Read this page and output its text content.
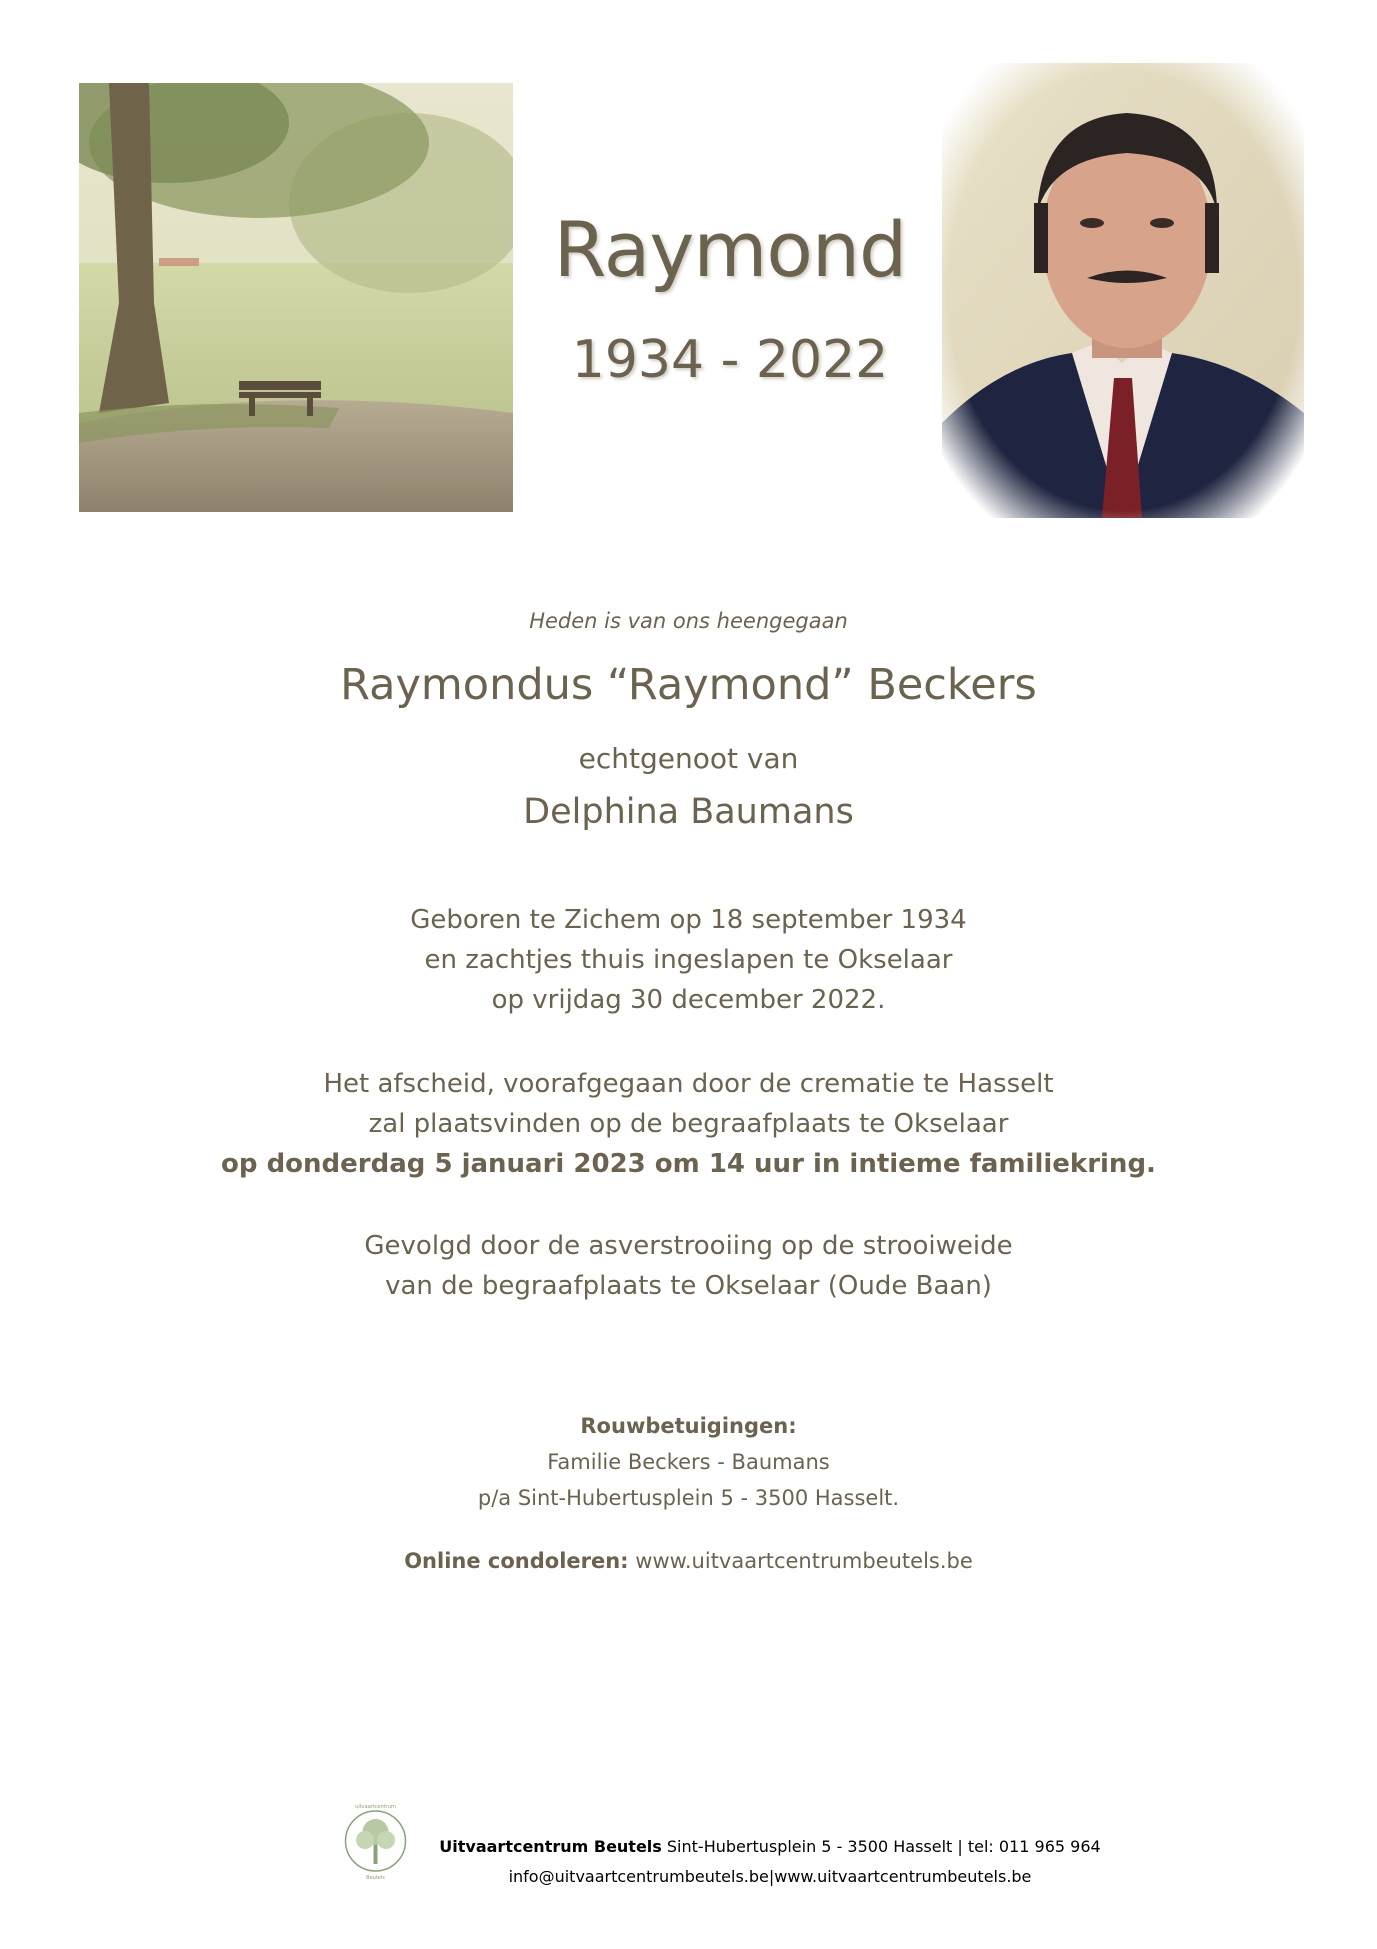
Raymond
1934 - 2022
Heden is van ons heengegaan
Raymondus “Raymond” Beckers
echtgenoot van
Delphina Baumans
Geboren te Zichem op 18 september 1934
en zachtjes thuis ingeslapen te Okselaar
op vrijdag 30 december 2022.
Het afscheid, voorafgegaan door de crematie te Hasselt
zal plaatsvinden op de begraafplaats te Okselaar
op donderdag 5 januari 2023 om 14 uur in intieme familiekring.
Gevolgd door de asverstrooiing op de strooiweide
van de begraafplaats te Okselaar (Oude Baan)
Rouwbetuigingen:
Familie Beckers - Baumans
p/a Sint-Hubertusplein 5 - 3500 Hasselt.
Online condoleren: www.uitvaartcentrumbeutels.be
uitvaartcentrum
Beutels
Uitvaartcentrum Beutels Sint-Hubertusplein 5 - 3500 Hasselt | tel: 011 965 964
info@uitvaartcentrumbeutels.be|www.uitvaartcentrumbeutels.be
